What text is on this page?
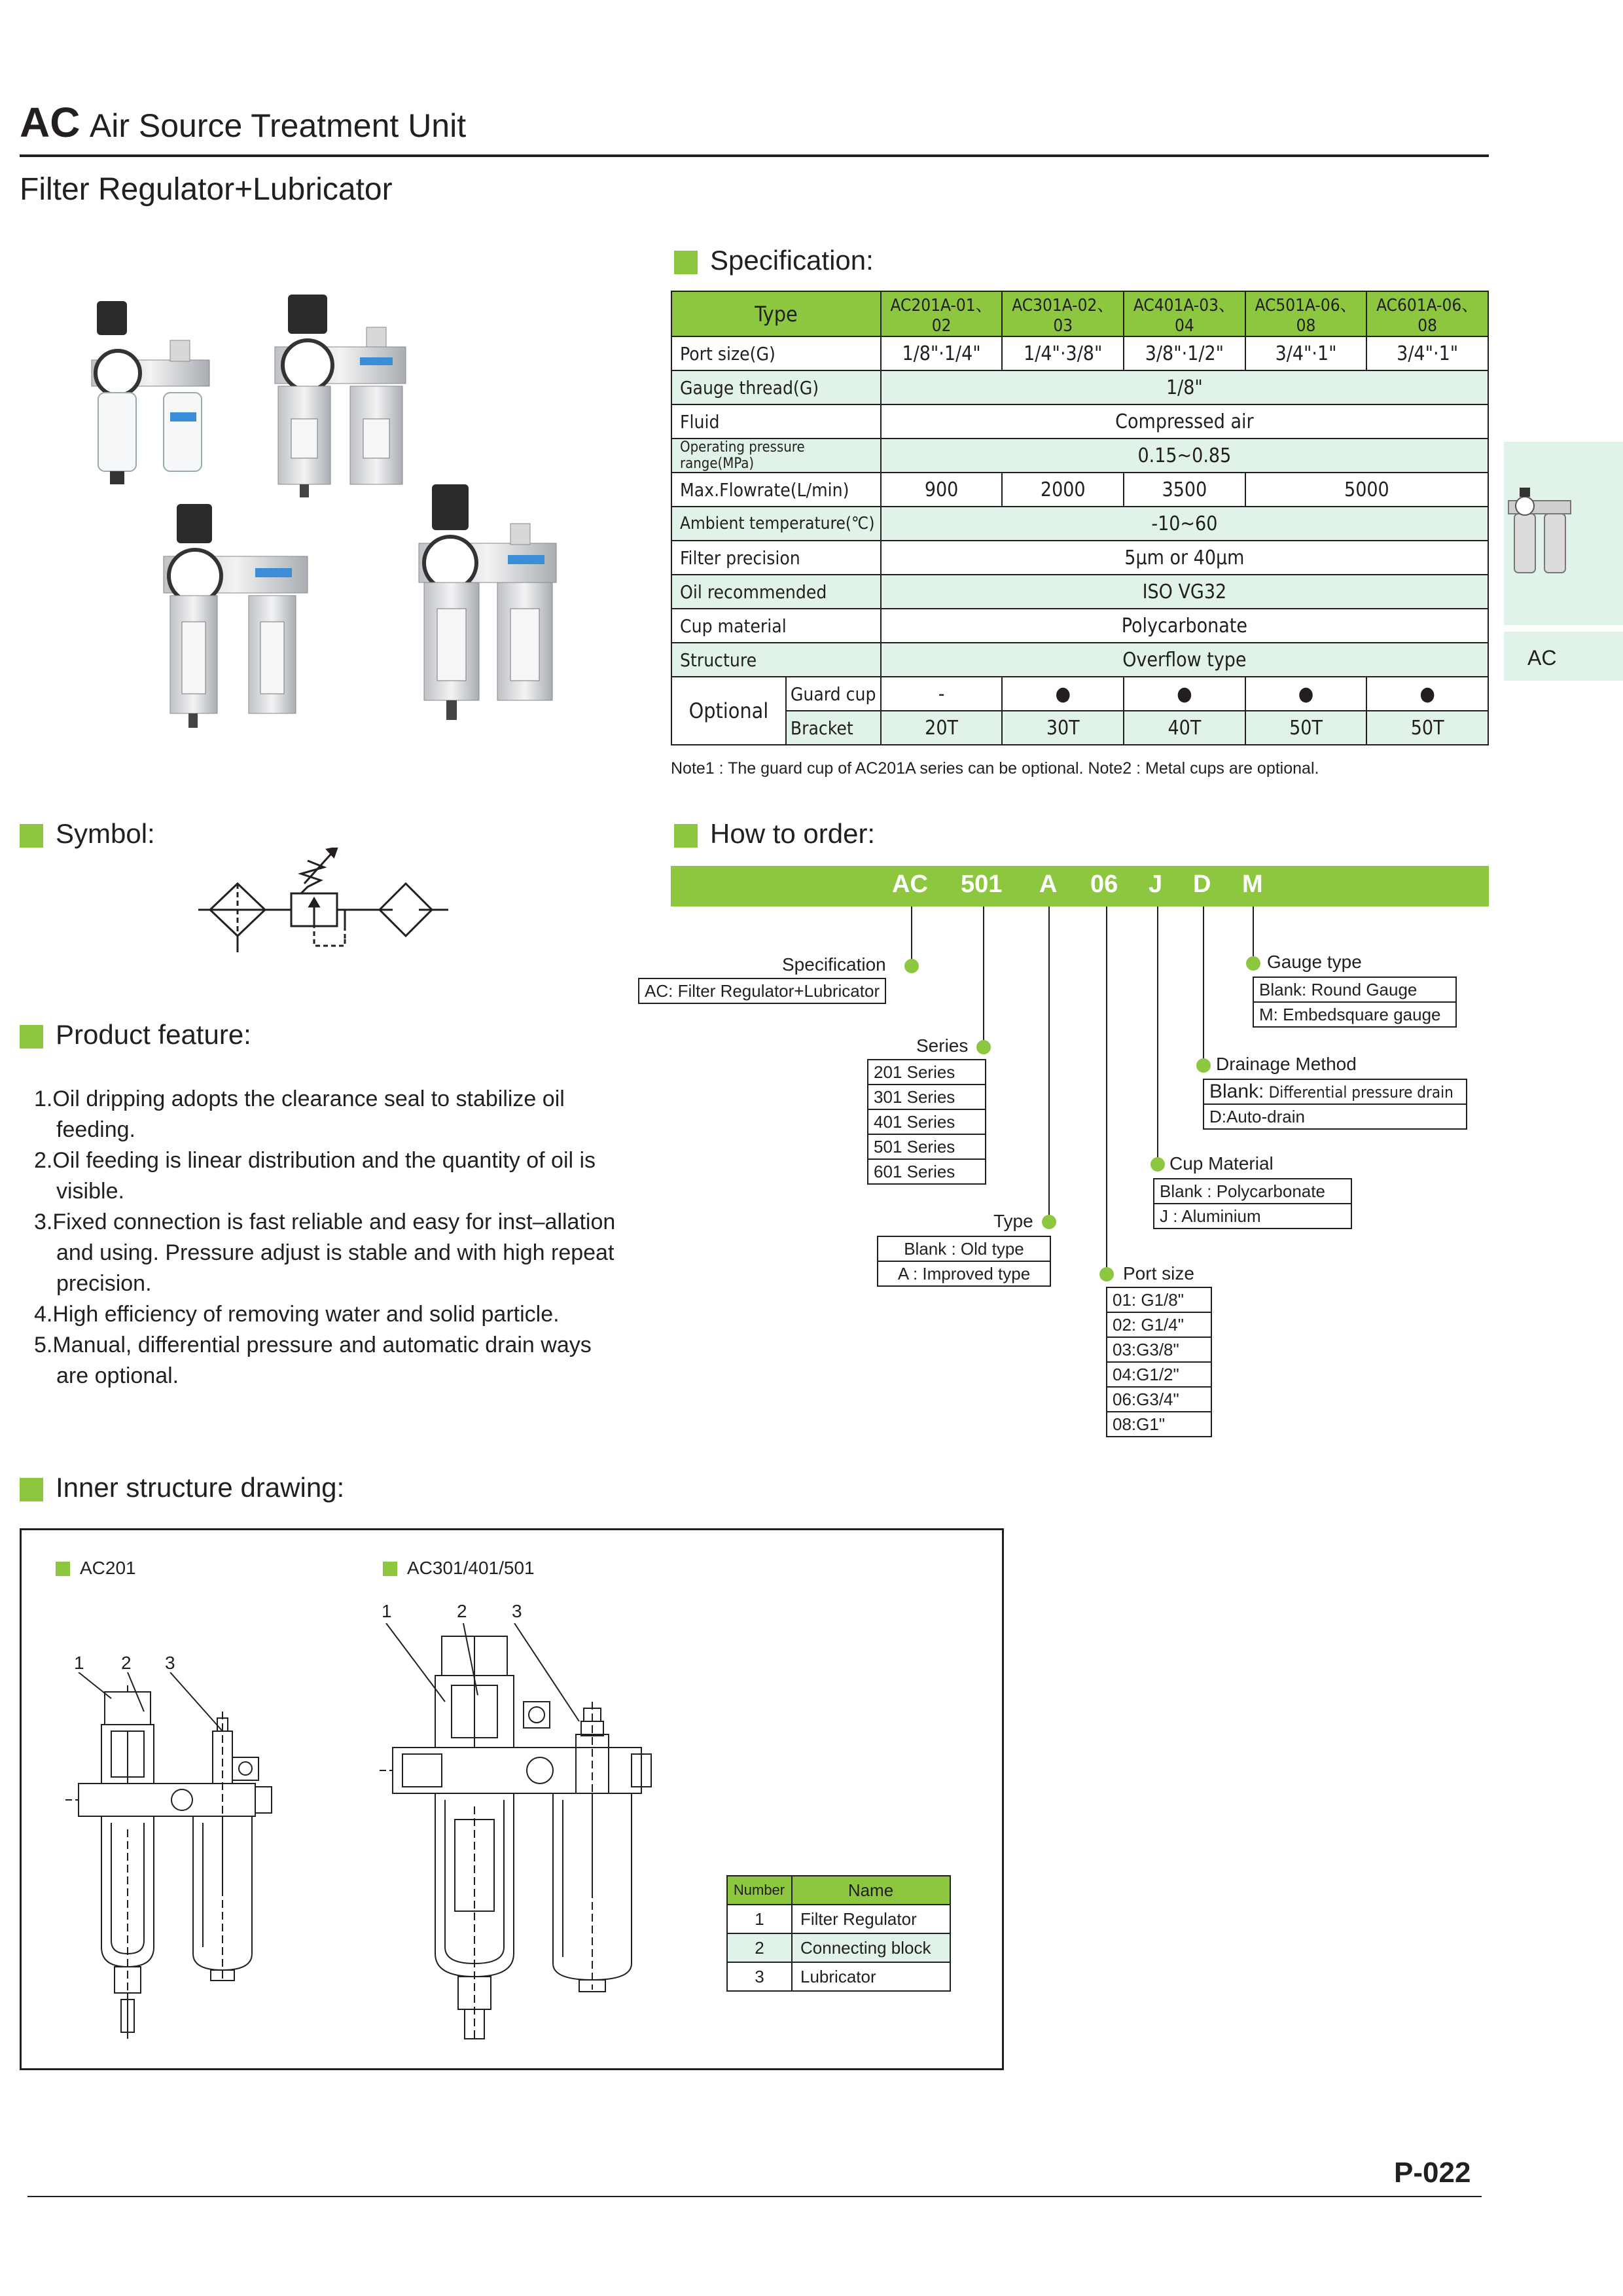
AC Air Source Treatment Unit
Filter Regulator+Lubricator
AC
Specification:
Type		AC201A-01、02	AC301A-02、03	AC401A-03、04	AC501A-06、08	AC601A-06、08
Port size(G)		1/8"·1/4"	1/4"·3/8"	3/8"·1/2"	3/4"·1"	3/4"·1"
Gauge thread(G)		1/8"				
Fluid		Compressed air				
Operating pressure range(MPa)		0.15~0.85				
Max.Flowrate(L/min)		900	2000	3500	5000	
Ambient temperature(℃)		-10~60				
Filter precision		5μm or 40μm				
Oil recommended		ISO VG32				
Cup material		Polycarbonate				
Structure		Overflow type				
Optional	Guard cup	-	●	●	●	●
	Bracket	20T	30T	40T	50T	50T
Note1 : The guard cup of AC201A series can be optional. Note2 : Metal cups are optional.
Symbol:
Product feature:
1.Oil dripping adopts the clearance seal to stabilize oil feeding.
2.Oil feeding is linear distribution and the quantity of oil is visible.
3.Fixed connection is fast reliable and easy for inst–allation and using. Pressure adjust is stable and with high repeat precision.
4.High efficiency of removing water and solid particle.
5.Manual, differential pressure and automatic drain ways are optional.
How to order:
AC 501 A 06 J D M
Specification
AC: Filter Regulator+Lubricator
Series
201 Series
301 Series
401 Series
501 Series
601 Series
Type
Blank : Old type
A : Improved type	Port size
01: G1/8"
02: G1/4"
03:G3/8"
04:G1/2"
06:G3/4"
08:G1"
Cup Material
Blank : Polycarbonate
J : Aluminium
Drainage Method
Blank: Differential pressure drain
D:Auto-drain
Gauge type
Blank: Round Gauge
M: Embedsquare gauge
Inner structure drawing:
AC201	AC301/401/501
1 2 3
1	2 3
Number	Name
1	Filter Regulator
2	Connecting block
3	Lubricator
P-022
